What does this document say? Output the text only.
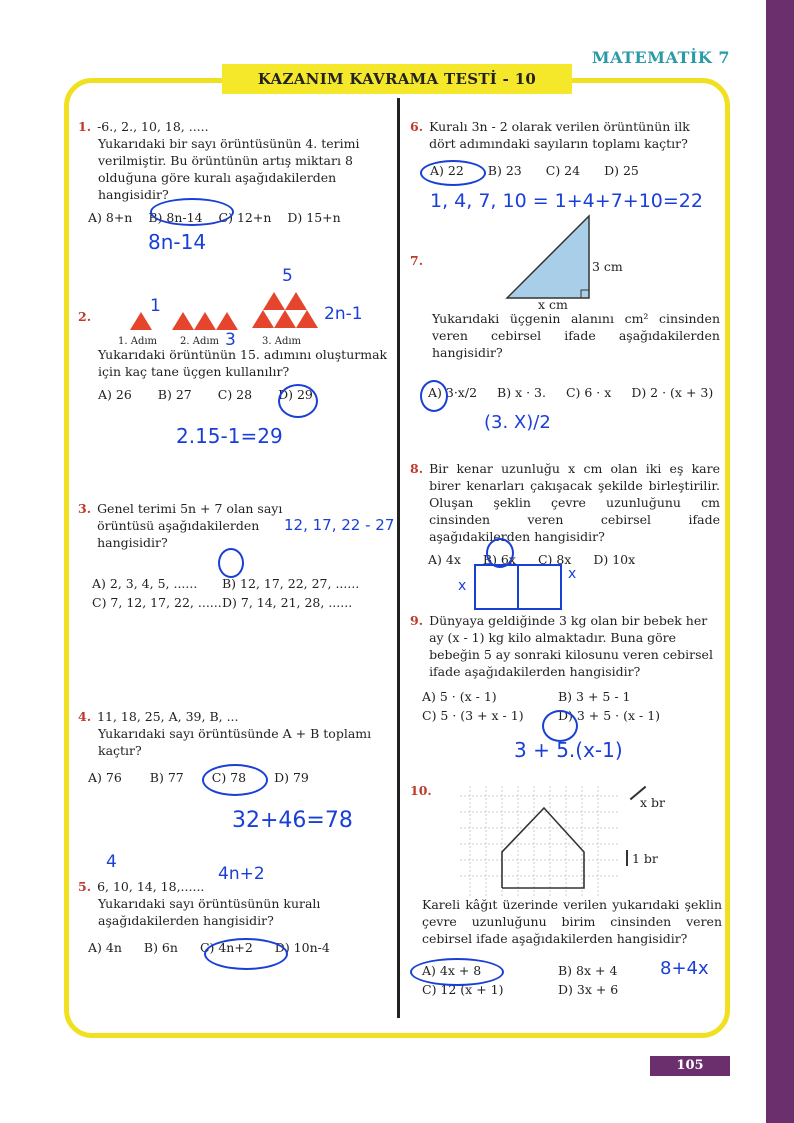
MATEMATİK 7
KAZANIM KAVRAMA TESTİ - 10
1. -6., 2., 10, 18, .....
Yukarıdaki bir sayı örüntüsünün 4. terimi verilmiştir. Bu örüntünün artış miktarı 8 olduğuna göre kuralı aşağıdakilerden hangisidir?
A) 8+n B) 8n-14 C) 12+n D) 15+n
8n-14
2.
1. Adım 2. Adım	3. Adım
Yukarıdaki örüntünün 15. adımını oluşturmak için kaç tane üçgen kullanılır?
A) 26 B) 27 C) 28 D) 29
1
3
5
2n-1
2.15-1=29
3. Genel terimi 5n + 7 olan sayı örüntüsü aşağıdakilerden hangisidir?
A) 2, 3, 4, 5, ......	B) 12, 17, 22, 27, ......
C) 7, 12, 17, 22, ...... D) 7, 14, 21, 28, ......
12, 17, 22 - 27
4. 11, 18, 25, A, 39, B, ...
Yukarıdaki sayı örüntüsünde A + B toplamı kaçtır?
A) 76 B) 77 C) 78 D) 79
32+46=78
5. 6, 10, 14, 18,......
Yukarıdaki sayı örüntüsünün kuralı aşağıdakilerden hangisidir?
A) 4n B) 6n C) 4n+2 D) 10n-4
4
4n+2
6. Kuralı 3n - 2 olarak verilen örüntünün ilk dört adımındaki sayıların toplamı kaçtır?
A) 22 B) 23 C) 24 D) 25
1, 4, 7, 10 = 1+4+7+10=22
7.	3 cm
x cm
Yukarıdaki üçgenin alanını cm² cinsinden veren cebirsel ifade aşağıdakilerden hangisidir?
A) 3·x/2 B) x · 3. C) 6 · x D) 2 · (x + 3)
(3. X)/2
8. Bir kenar uzunluğu x cm olan iki eş kare birer kenarları çakışacak şekilde birleştirilir. Oluşan şeklin çevre uzunluğunu cm cinsinden veren cebirsel ifade aşağıdakilerden hangisidir?
A) 4x B) 6x C) 8x D) 10x
x
x
9. Dünyaya geldiğinde 3 kg olan bir bebek her ay (x - 1) kg kilo almaktadır. Buna göre bebeğin 5 ay sonraki kilosunu veren cebirsel ifade aşağıdakilerden hangisidir?
A) 5 · (x - 1)	B) 3 + 5 - 1
C) 5 · (3 + x - 1)	D) 3 + 5 · (x - 1)
3 + 5.(x-1)
10.
x br
1 br
Kareli kâğıt üzerinde verilen yukarıdaki şeklin çevre uzunluğunu birim cinsinden veren cebirsel ifade aşağıdakilerden hangisidir?
A) 4x + 8	B) 8x + 4
C) 12 (x + 1)	D) 3x + 6
8+4x
105
